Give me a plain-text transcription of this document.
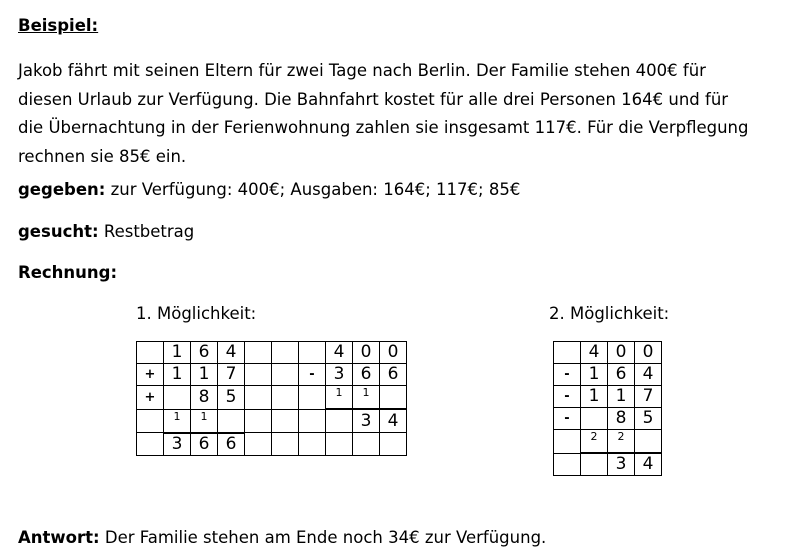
Beispiel:
Jakob fährt mit seinen Eltern für zwei Tage nach Berlin. Der Familie stehen 400€ für
diesen Urlaub zur Verfügung. Die Bahnfahrt kostet für alle drei Personen 164€ und für
die Übernachtung in der Ferienwohnung zahlen sie insgesamt 117€. Für die Verpflegung
rechnen sie 85€ ein.
gegeben: zur Verfügung: 400€; Ausgaben: 164€; 117€; 85€
gesucht: Restbetrag
Rechnung:
1. Möglichkeit:	2. Möglichkeit:
	1	6	4				4	0	0
+	1	1	7			-	3	6	6
+		8	5				1	1	
	1	1						3	4
	3	6	6						
	4	0	0
-	1	6	4
-	1	1	7
-		8	5
	2	2	
		3	4
Antwort: Der Familie stehen am Ende noch 34€ zur Verfügung.
